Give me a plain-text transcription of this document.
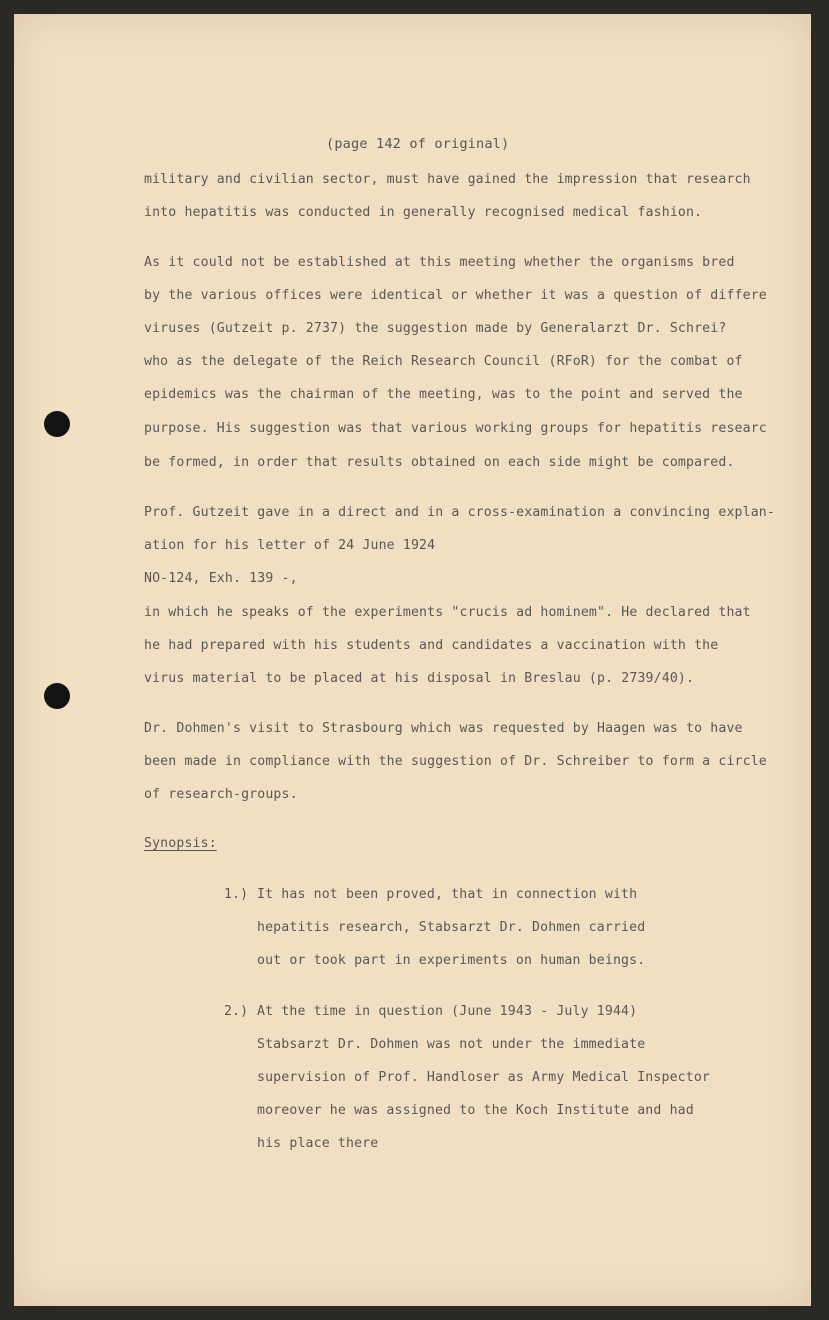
(page 142 of original)
military and civilian sector, must have gained the impression that research
into hepatitis was conducted in generally recognised medical fashion.
As it could not be established at this meeting whether the organisms bred
by the various offices were identical or whether it was a question of differe
viruses (Gutzeit p. 2737) the suggestion made by Generalarzt Dr. Schrei?
who as the delegate of the Reich Research Council (RFoR) for the combat of
epidemics was the chairman of the meeting, was to the point and served the
purpose. His suggestion was that various working groups for hepatitis researc
be formed, in order that results obtained on each side might be compared.
Prof. Gutzeit gave in a direct and in a cross-examination a convincing explan-
ation for his letter of 24 June 1924
NO-124, Exh. 139 -,
in which he speaks of the experiments "crucis ad hominem". He declared that
he had prepared with his students and candidates a vaccination with the
virus material to be placed at his disposal in Breslau (p. 2739/40).
Dr. Dohmen's visit to Strasbourg which was requested by Haagen was to have
been made in compliance with the suggestion of Dr. Schreiber to form a circle
of research-groups.
Synopsis:
1.) It has not been proved, that in connection with
hepatitis research, Stabsarzt Dr. Dohmen carried
out or took part in experiments on human beings.
2.) At the time in question (June 1943 - July 1944)
Stabsarzt Dr. Dohmen was not under the immediate
supervision of Prof. Handloser as Army Medical Inspector
moreover he was assigned to the Koch Institute and had
his place there
